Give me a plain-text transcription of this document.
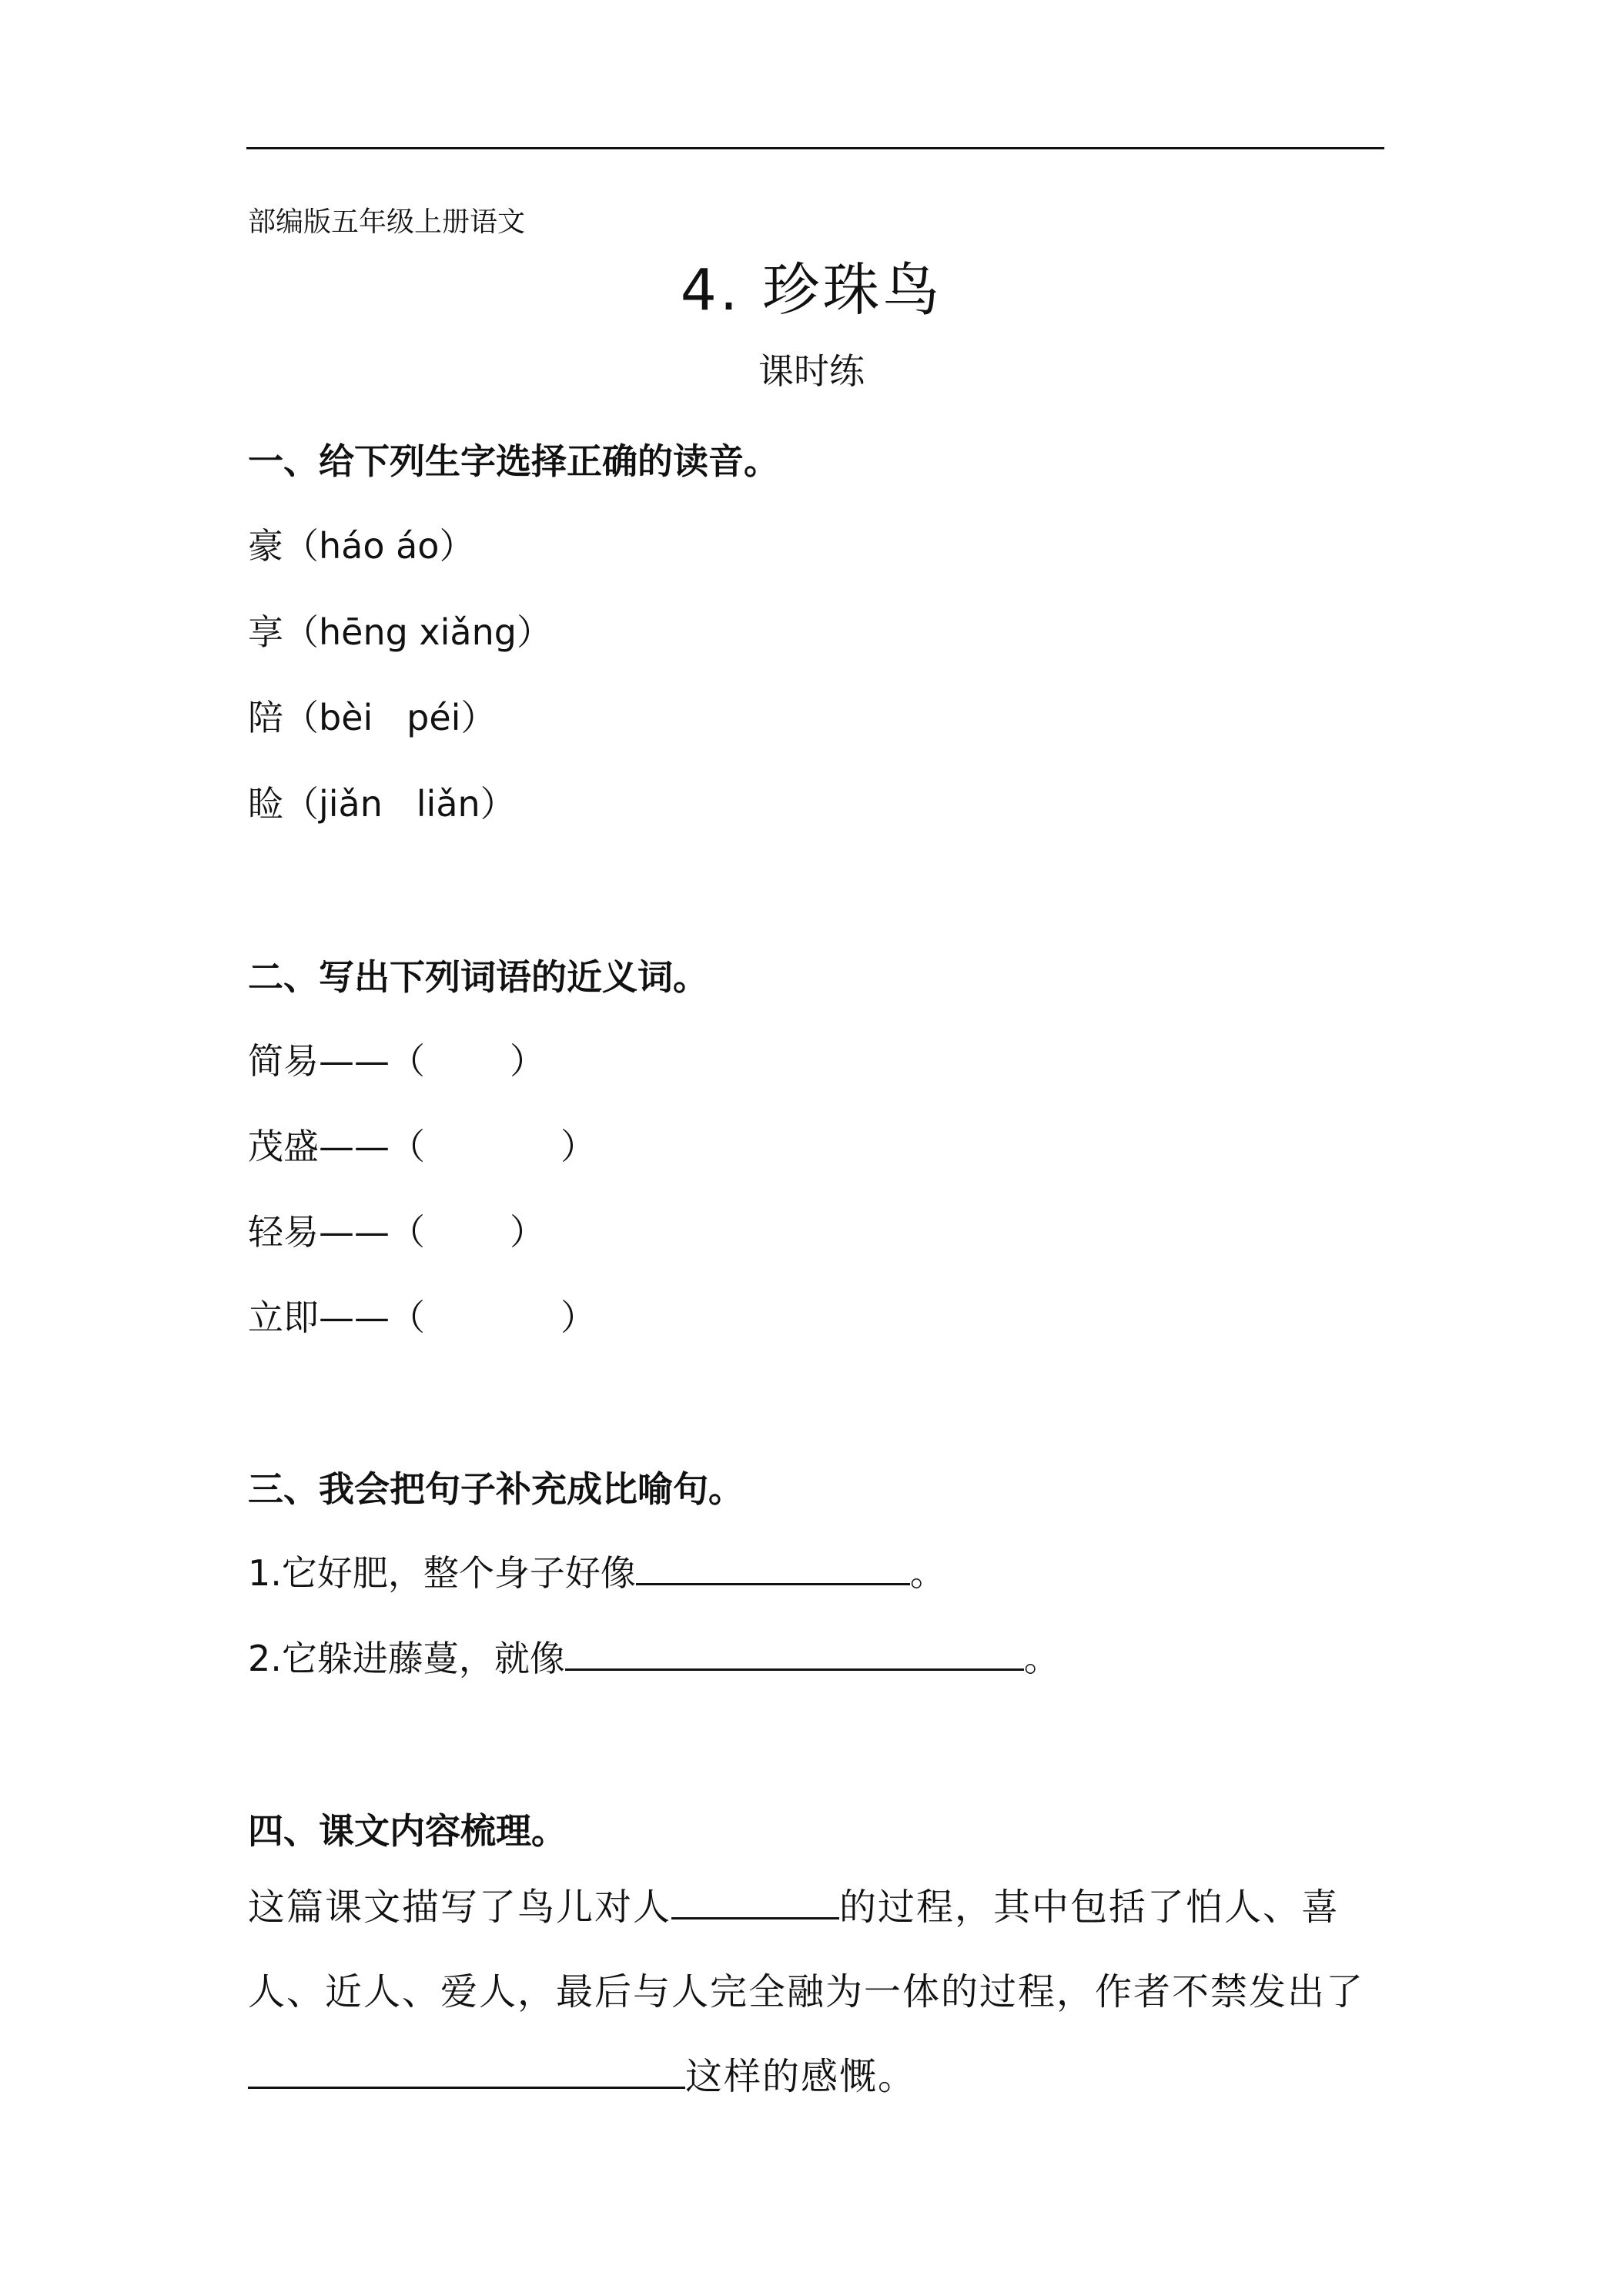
部编版五年级上册语文
4. 珍珠鸟
课时练
一、给下列生字选择正确的读音。
豪（háo áo）
享（hēng xiǎng）
陪（bèi   péi）
睑（jiǎn   liǎn）
二、写出下列词语的近义词。
简易——（ ）
茂盛——（	）
轻易——（ ）
立即——（	）
三、我会把句子补充成比喻句。
1.它好肥，整个身子好像	。
2.它躲进藤蔓，就像	。
四、课文内容梳理。
这篇课文描写了鸟儿对人	的过程，其中包括了怕人、喜人、近人、爱人，最后与人完全融为一体的过程，作者不禁发出了这样的感慨。
